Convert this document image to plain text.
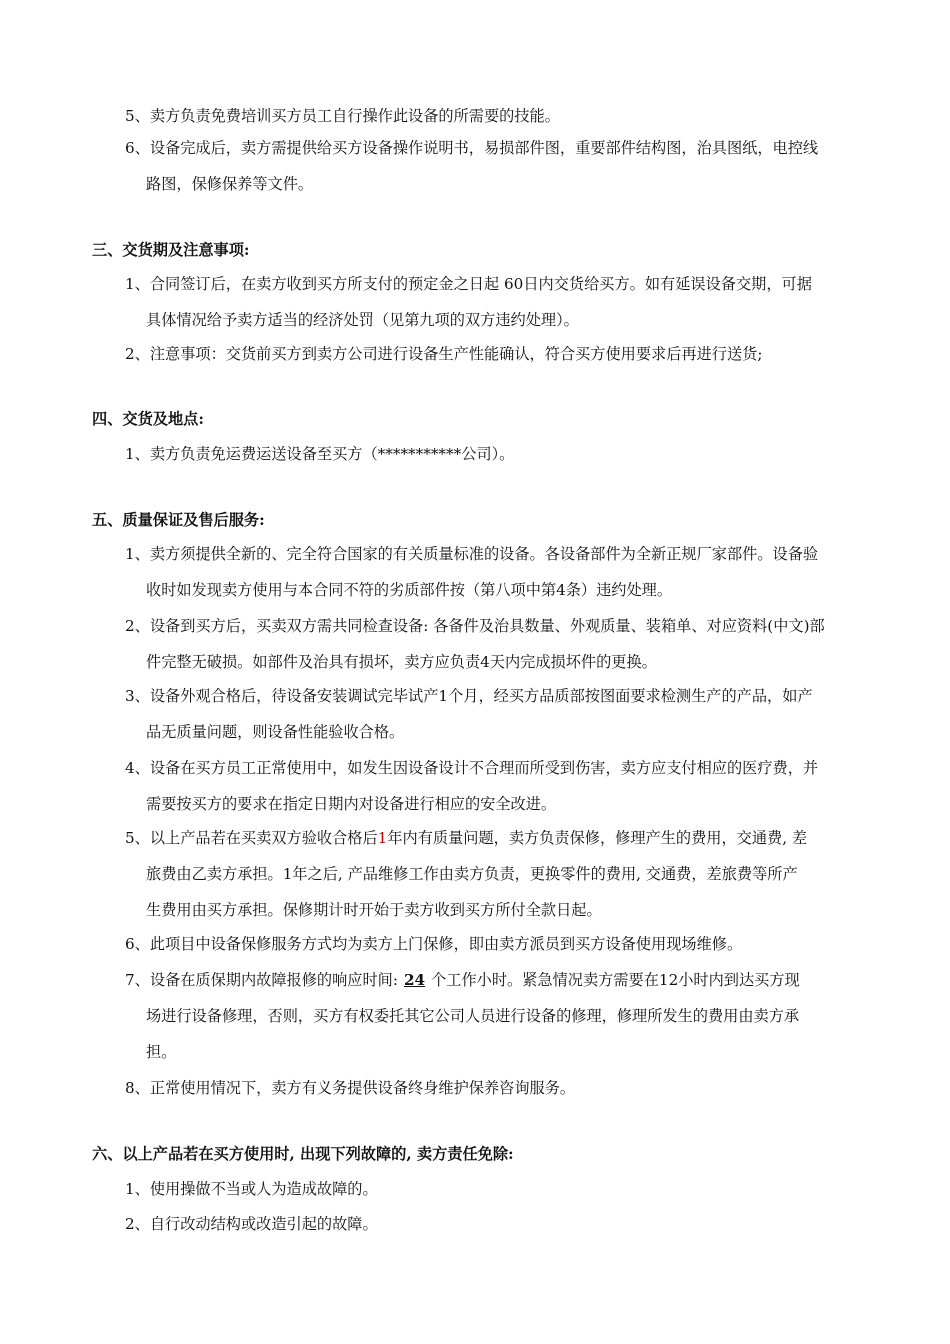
5、卖方负责免费培训买方员工自行操作此设备的所需要的技能。

6、设备完成后，卖方需提供给买方设备操作说明书，易损部件图，重要部件结构图，治具图纸，电控线
路图，保修保养等文件。

三、交货期及注意事项:

1、合同签订后，在卖方收到买方所支付的预定金之日起 60日内交货给买方。如有延误设备交期，可据
具体情况给予卖方适当的经济处罚（见第九项的双方违约处理）。

2、注意事项：交货前买方到卖方公司进行设备生产性能确认，符合买方使用要求后再进行送货;

四、交货及地点:

1、卖方负责免运费运送设备至买方（***********公司）。

五、质量保证及售后服务:

1、卖方须提供全新的、完全符合国家的有关质量标准的设备。各设备部件为全新正规厂家部件。设备验
收时如发现卖方使用与本合同不符的劣质部件按（第八项中第4条）违约处理。

2、设备到买方后，买卖双方需共同检查设备: 各备件及治具数量、外观质量、装箱单、对应资料(中文)部
件完整无破损。如部件及治具有损坏，卖方应负责4天内完成损坏件的更换。

3、设备外观合格后，待设备安装调试完毕试产1个月，经买方品质部按图面要求检测生产的产品，如产
品无质量问题，则设备性能验收合格。

4、设备在买方员工正常使用中，如发生因设备设计不合理而所受到伤害，卖方应支付相应的医疗费，并
需要按买方的要求在指定日期内对设备进行相应的安全改进。

5、以上产品若在买卖双方验收合格后1年内有质量问题，卖方负责保修，修理产生的费用，交通费, 差
旅费由乙卖方承担。1年之后, 产品维修工作由卖方负责，更换零件的费用, 交通费，差旅费等所产
生费用由买方承担。保修期计时开始于卖方收到买方所付全款日起。

6、此项目中设备保修服务方式均为卖方上门保修，即由卖方派员到买方设备使用现场维修。

7、设备在质保期内故障报修的响应时间: 24 个工作小时。紧急情况卖方需要在12小时内到达买方现
场进行设备修理，否则，买方有权委托其它公司人员进行设备的修理，修理所发生的费用由卖方承
担。

8、正常使用情况下，卖方有义务提供设备终身维护保养咨询服务。

六、以上产品若在买方使用时, 出现下列故障的, 卖方责任免除:

1、使用操做不当或人为造成故障的。

2、自行改动结构或改造引起的故障。
